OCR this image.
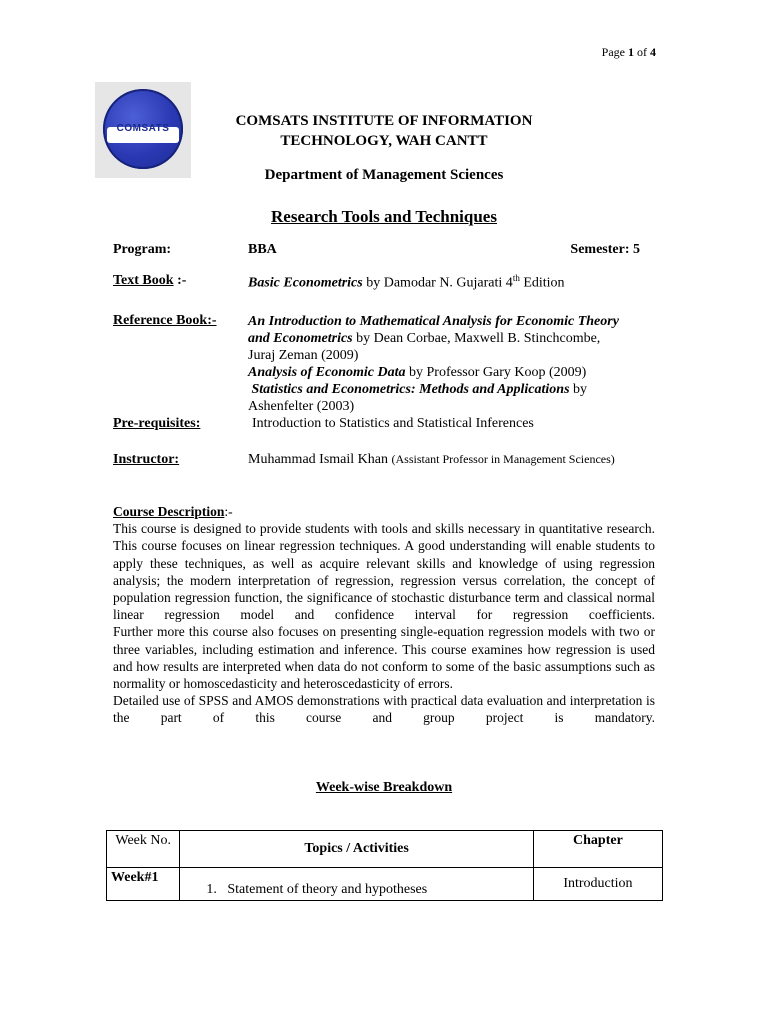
Page 1 of 4
COMSATS	COMSATS INSTITUTE OF INFORMATION
TECHNOLOGY, WAH CANTT
Department of Management Sciences
Research Tools and Techniques
Program:	BBA	Semester: 5
Text Book :-	Basic Econometrics by Damodar N. Gujarati 4th Edition
Reference Book:- An Introduction to Mathematical Analysis for Economic Theory
and Econometrics by Dean Corbae, Maxwell B. Stinchcombe,
Juraj Zeman (2009)
Analysis of Economic Data by Professor Gary Koop (2009)
Statistics and Econometrics: Methods and Applications by
Ashenfelter (2003)
Pre-requisites:	Introduction to Statistics and Statistical Inferences
Instructor:	Muhammad Ismail Khan (Assistant Professor in Management Sciences)

Course Description:-

This course is designed to provide students with tools and skills necessary in quantitative research. This course focuses on linear regression techniques. A good understanding will enable students to apply these techniques, as well as acquire relevant skills and knowledge of using regression analysis; the modern interpretation of regression, regression versus correlation, the concept of population regression function, the significance of stochastic disturbance term and classical normal linear regression model and confidence interval for regression coefficients.

Further more this course also focuses on presenting single-equation regression models with two or three variables, including estimation and inference. This course examines how regression is used and how results are interpreted when data do not conform to some of the basic assumptions such as normality or homoscedasticity and heteroscedasticity of errors.

Detailed use of SPSS and AMOS demonstrations with practical data evaluation and interpretation is the part of this course and group project is mandatory.

Week-wise Breakdown
Week No.	Topics / Activities	Chapter
Week#1	1. Statement of theory and hypotheses	Introduction
